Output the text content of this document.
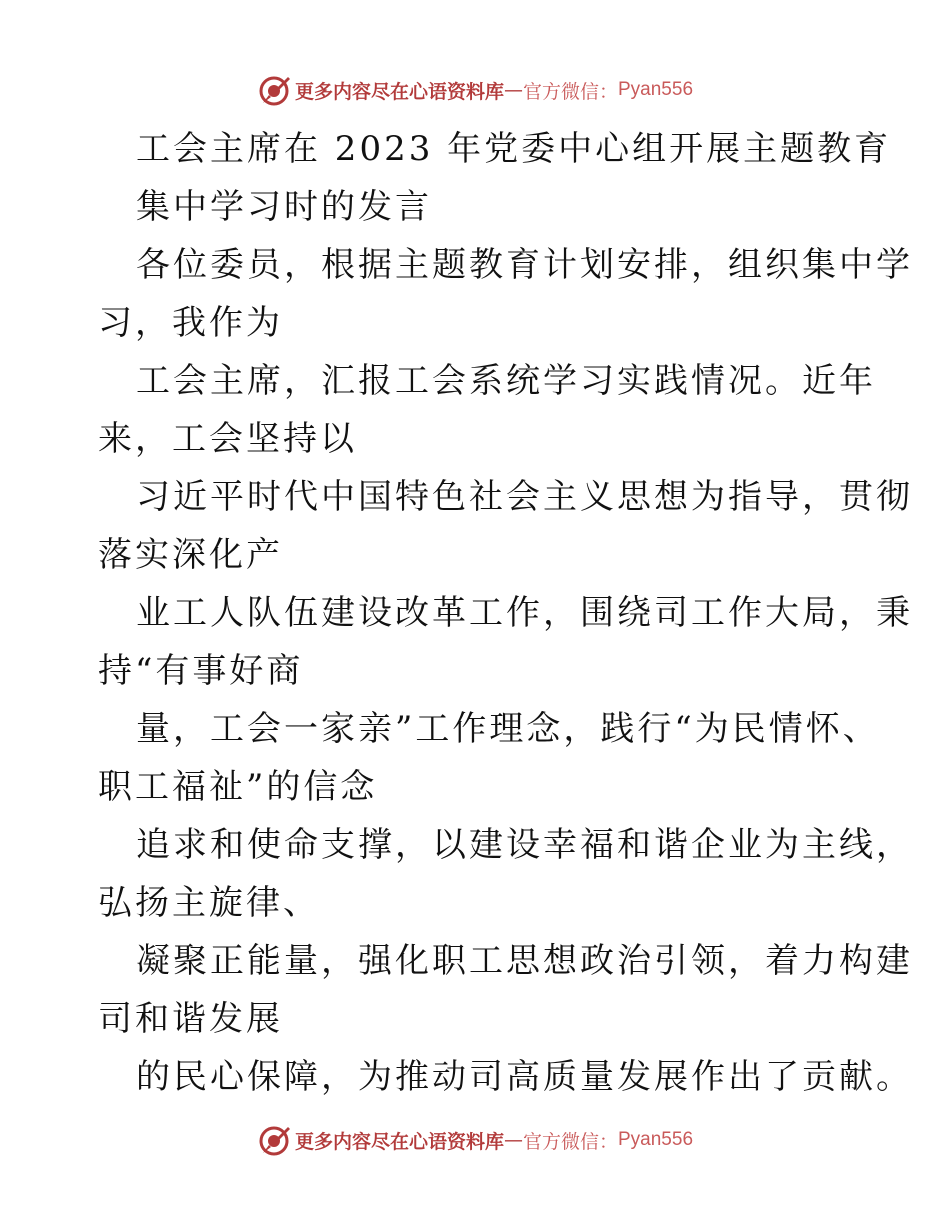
更多内容尽在心语资料库 — 官方微信： Pyan556
工会主席在 2023 年党委中心组开展主题教育
集中学习时的发言
各位委员，根据主题教育计划安排，组织集中学
习，我作为
工会主席，汇报工会系统学习实践情况。近年
来，工会坚持以
习近平时代中国特色社会主义思想为指导，贯彻
落实深化产
业工人队伍建设改革工作，围绕司工作大局，秉
持“有事好商
量，工会一家亲”工作理念，践行“为民情怀、
职工福祉”的信念
追求和使命支撑，以建设幸福和谐企业为主线，
弘扬主旋律、
凝聚正能量，强化职工思想政治引领，着力构建
司和谐发展
的民心保障，为推动司高质量发展作出了贡献。
更多内容尽在心语资料库 — 官方微信： Pyan556
